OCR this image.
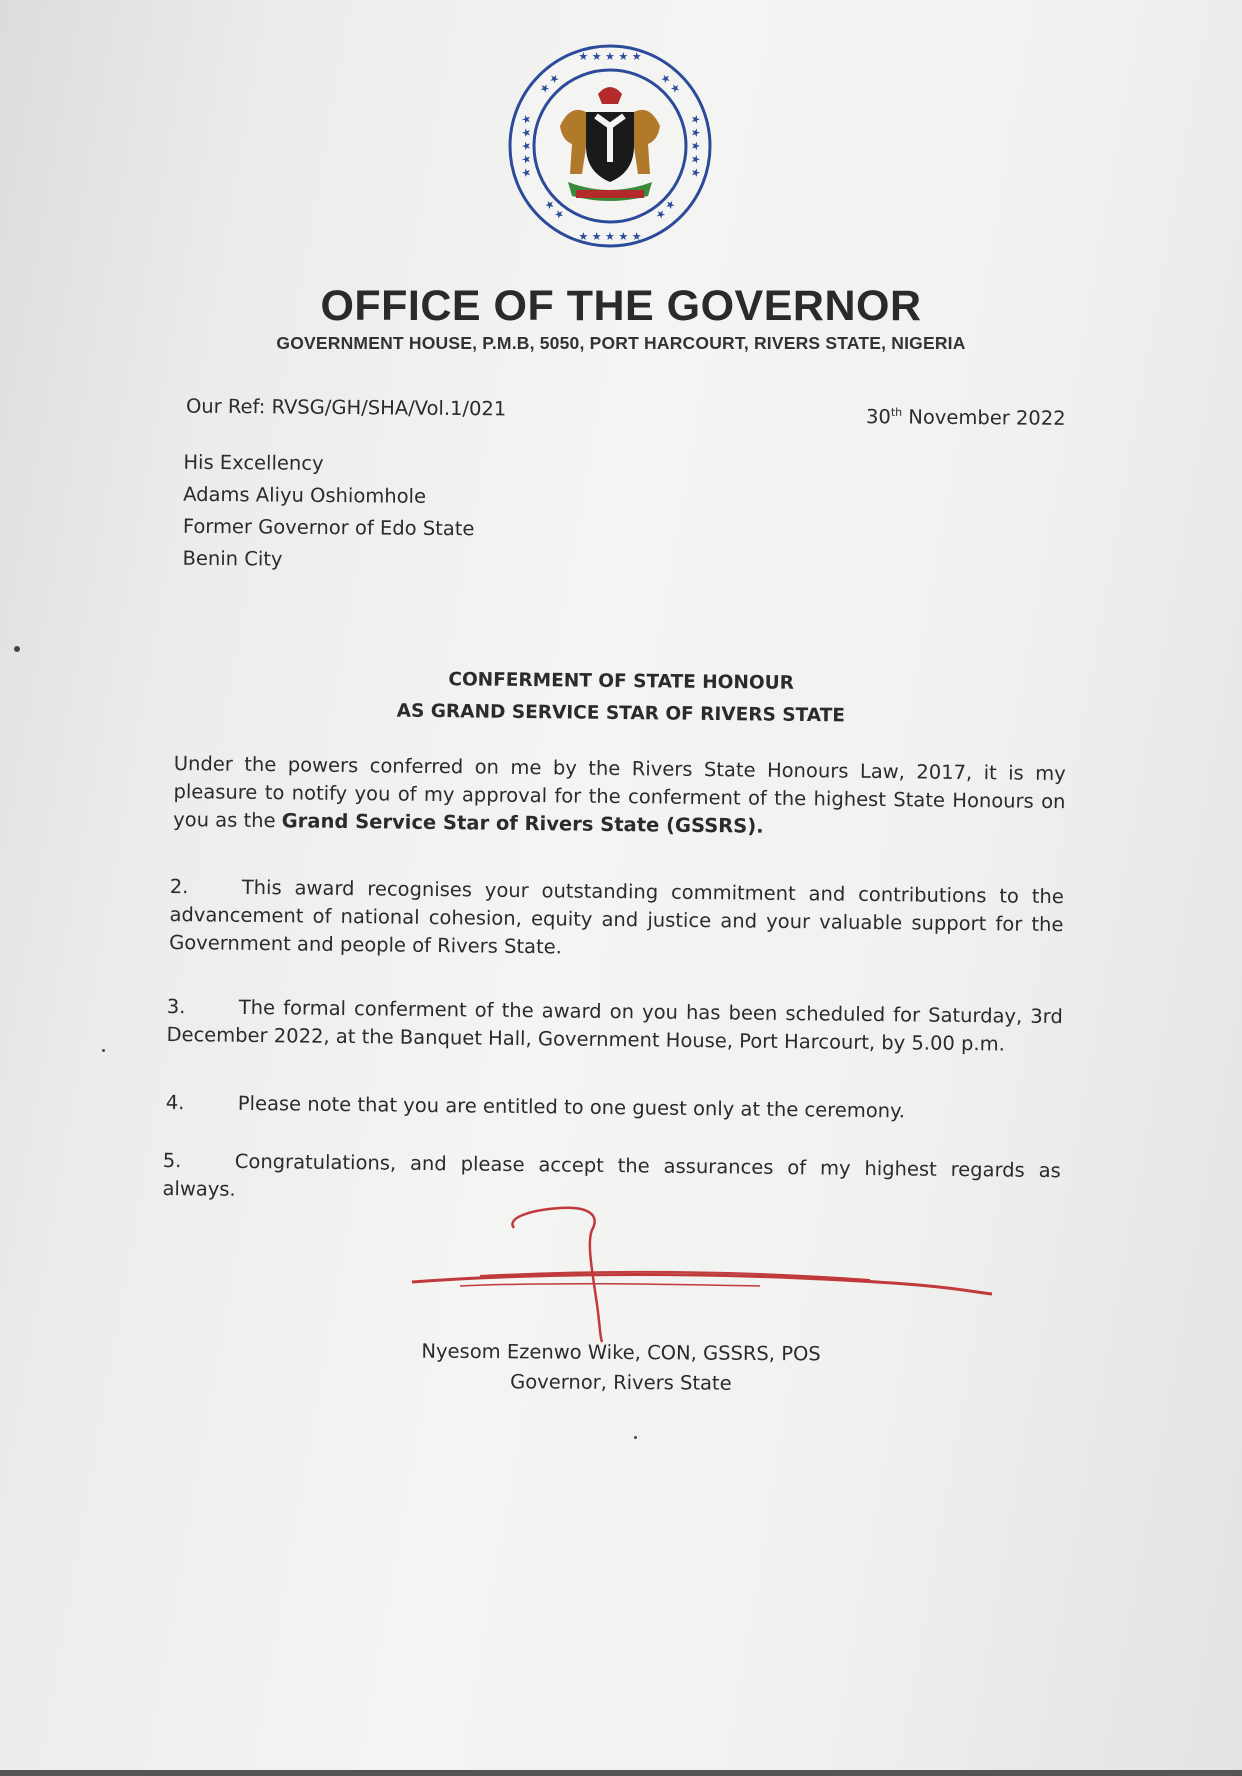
★ ★ ★ ★ ★
★ ★ ★ ★ ★
★ ★ ★ ★ ★	★ ★ ★ ★ ★
★ ★	★ ★
★ ★	★ ★
OFFICE OF THE GOVERNOR
GOVERNMENT HOUSE, P.M.B, 5050, PORT HARCOURT, RIVERS STATE, NIGERIA
Our Ref: RVSG/GH/SHA/Vol.1/021	30th November 2022
His Excellency
Adams Aliyu Oshiomhole
Former Governor of Edo State
Benin City
CONFERMENT OF STATE HONOUR
AS GRAND SERVICE STAR OF RIVERS STATE
Under the powers conferred on me by the Rivers State Honours Law, 2017, it is my pleasure to notify you of my approval for the conferment of the highest State Honours on you as the Grand Service Star of Rivers State (GSSRS).
2.	This award recognises your outstanding commitment and contributions to the advancement of national cohesion, equity and justice and your valuable support for the Government and people of Rivers State.
3.	The formal conferment of the award on you has been scheduled for Saturday, 3rd December 2022, at the Banquet Hall, Government House, Port Harcourt, by 5.00 p.m.
4.	Please note that you are entitled to one guest only at the ceremony.
5.	Congratulations, and please accept the assurances of my highest regards as always.
Nyesom Ezenwo Wike, CON, GSSRS, POS
Governor, Rivers State
